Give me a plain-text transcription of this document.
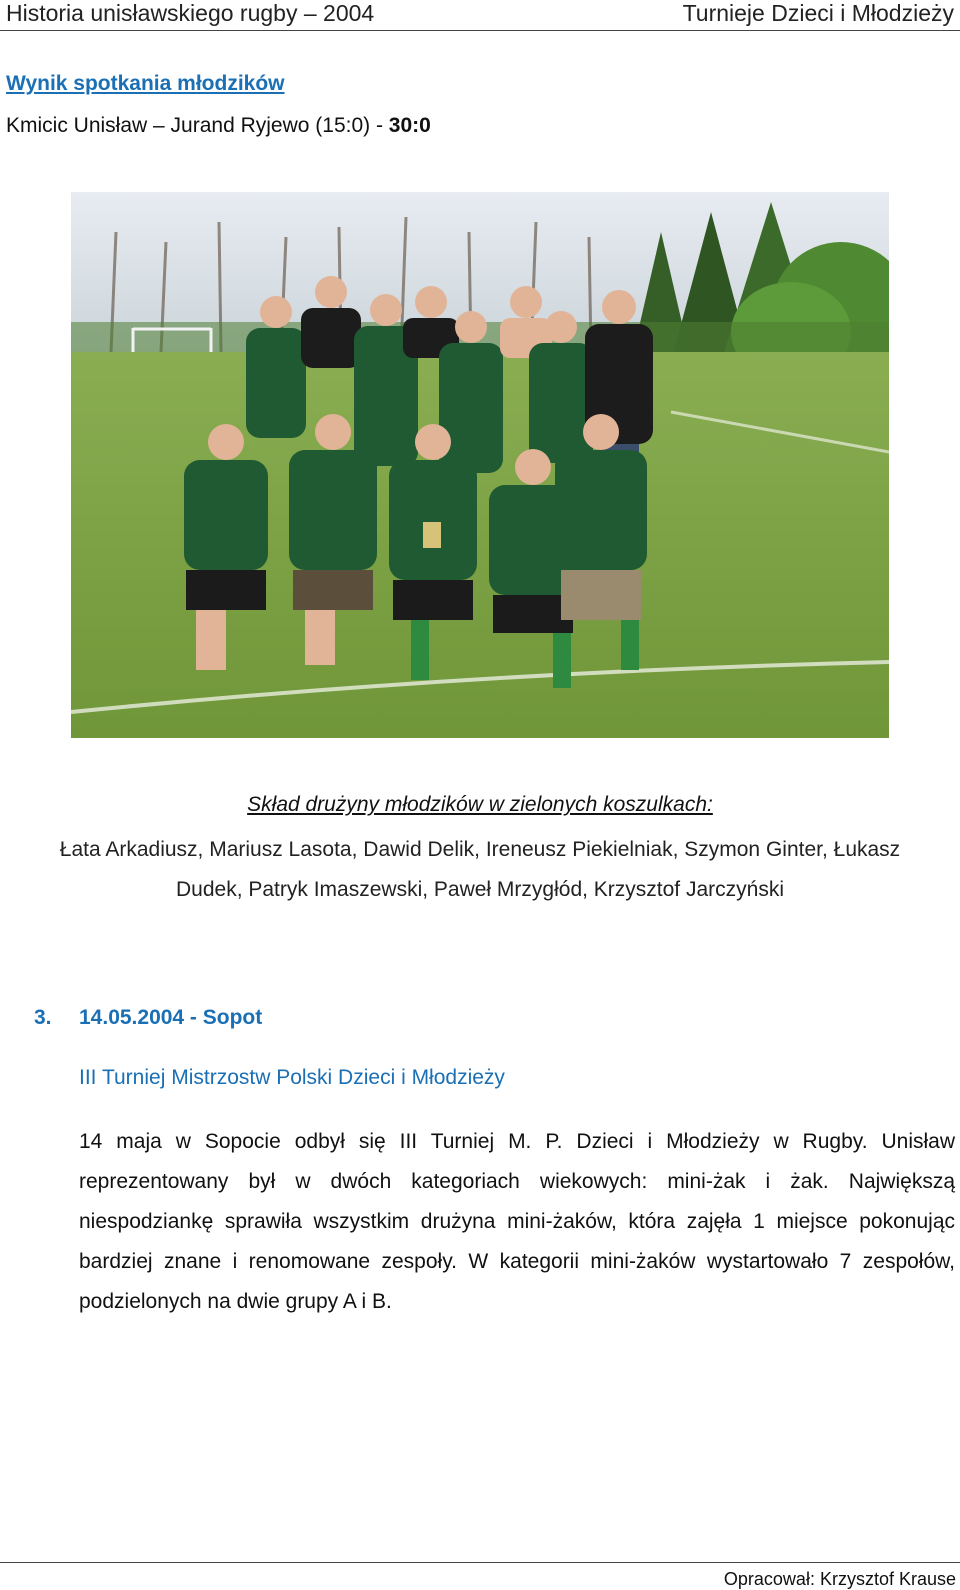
Historia unisławskiego rugby – 2004	Turnieje Dzieci i Młodzieży
Wynik spotkania młodzików
Kmicic Unisław – Jurand Ryjewo (15:0) - 30:0
Skład drużyny młodzików w zielonych koszulkach:
Łata Arkadiusz, Mariusz Lasota, Dawid Delik, Ireneusz Piekielniak, Szymon Ginter, Łukasz
Dudek, Patryk Imaszewski, Paweł Mrzygłód, Krzysztof Jarczyński
3. 14.05.2004 - Sopot
III Turniej Mistrzostw Polski Dzieci i Młodzieży
14 maja w Sopocie odbył się III Turniej M. P. Dzieci i Młodzieży w Rugby. Unisław reprezentowany był w dwóch kategoriach wiekowych: mini-żak i żak. Największą niespodziankę sprawiła wszystkim drużyna mini-żaków, która zajęła 1 miejsce pokonując bardziej znane i renomowane zespoły. W kategorii mini-żaków wystartowało 7 zespołów, podzielonych na dwie grupy A i B.
Opracował: Krzysztof Krause
